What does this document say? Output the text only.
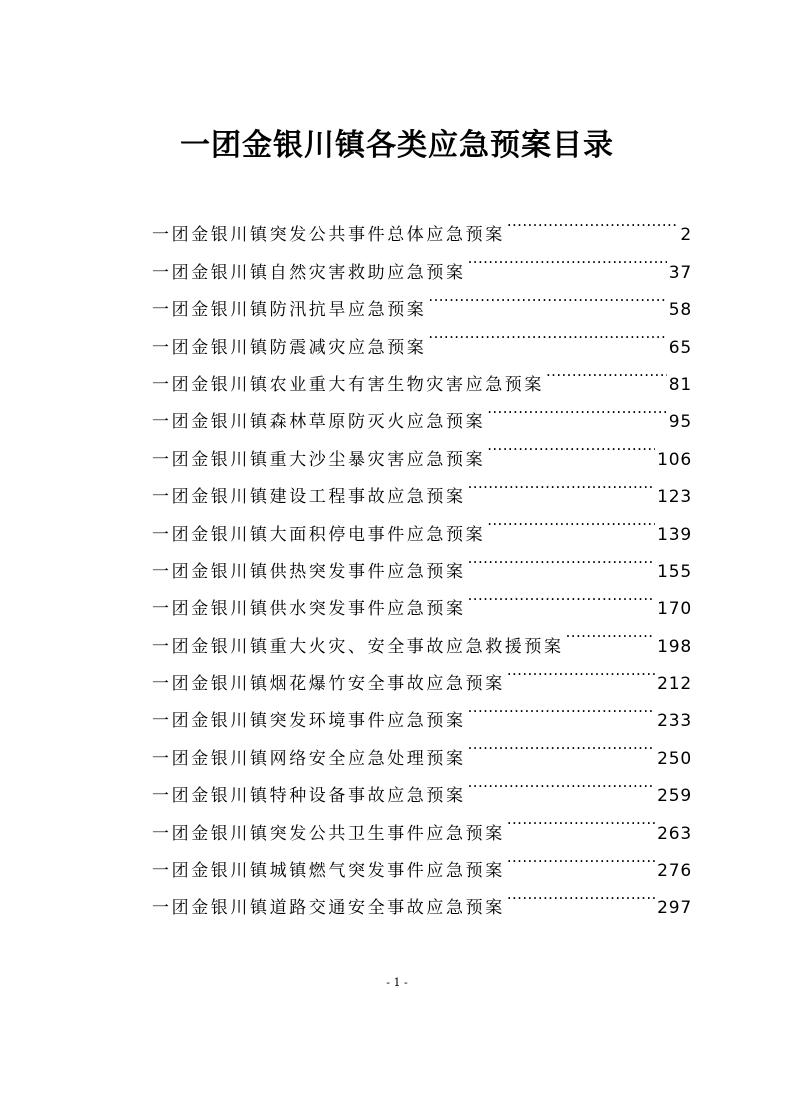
一团金银川镇各类应急预案目录
一团金银川镇突发公共事件总体应急预案 .....	2
一团金银川镇自然灾害救助应急预案 .....	37
一团金银川镇防汛抗旱应急预案 .....	58
一团金银川镇防震减灾应急预案 .....	65
一团金银川镇农业重大有害生物灾害应急预案 .....	81
一团金银川镇森林草原防灭火应急预案 .....	95
一团金银川镇重大沙尘暴灾害应急预案 .....	106
一团金银川镇建设工程事故应急预案 .....	123
一团金银川镇大面积停电事件应急预案 .....	139
一团金银川镇供热突发事件应急预案 .....	155
一团金银川镇供水突发事件应急预案 .....	170
一团金银川镇重大火灾、安全事故应急救援预案 .....	198
一团金银川镇烟花爆竹安全事故应急预案 .....	212
一团金银川镇突发环境事件应急预案 .....	233
一团金银川镇网络安全应急处理预案 .....	250
一团金银川镇特种设备事故应急预案 .....	259
一团金银川镇突发公共卫生事件应急预案 .....	263
一团金银川镇城镇燃气突发事件应急预案 .....	276
一团金银川镇道路交通安全事故应急预案 .....	297
- 1 -
